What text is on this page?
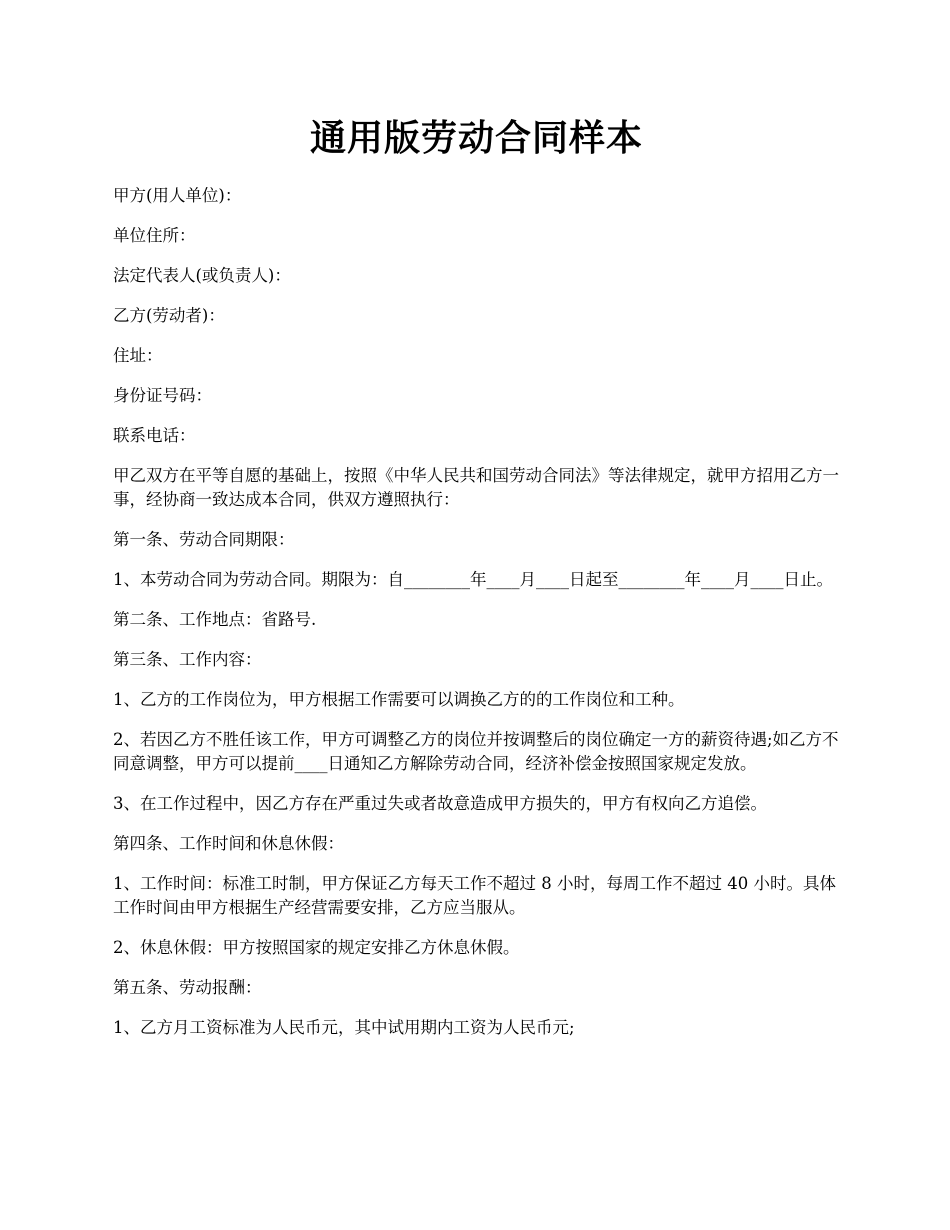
通用版劳动合同样本

甲方(用人单位)：

单位住所：

法定代表人(或负责人)：

乙方(劳动者)：

住址：

身份证号码：

联系电话：

甲乙双方在平等自愿的基础上，按照《中华人民共和国劳动合同法》等法律规定，就甲方招用乙方一事，经协商一致达成本合同，供双方遵照执行：

第一条、劳动合同期限：

1、本劳动合同为劳动合同。期限为：自________年____月____日起至________年____月____日止。

第二条、工作地点：省路号.

第三条、工作内容：

1、乙方的工作岗位为，甲方根据工作需要可以调换乙方的的工作岗位和工种。

2、若因乙方不胜任该工作，甲方可调整乙方的岗位并按调整后的岗位确定一方的薪资待遇;如乙方不同意调整，甲方可以提前____日通知乙方解除劳动合同，经济补偿金按照国家规定发放。

3、在工作过程中，因乙方存在严重过失或者故意造成甲方损失的，甲方有权向乙方追偿。

第四条、工作时间和休息休假：

1、工作时间：标准工时制，甲方保证乙方每天工作不超过 8 小时，每周工作不超过 40 小时。具体工作时间由甲方根据生产经营需要安排，乙方应当服从。

2、休息休假：甲方按照国家的规定安排乙方休息休假。

第五条、劳动报酬：

1、乙方月工资标准为人民币元，其中试用期内工资为人民币元;
